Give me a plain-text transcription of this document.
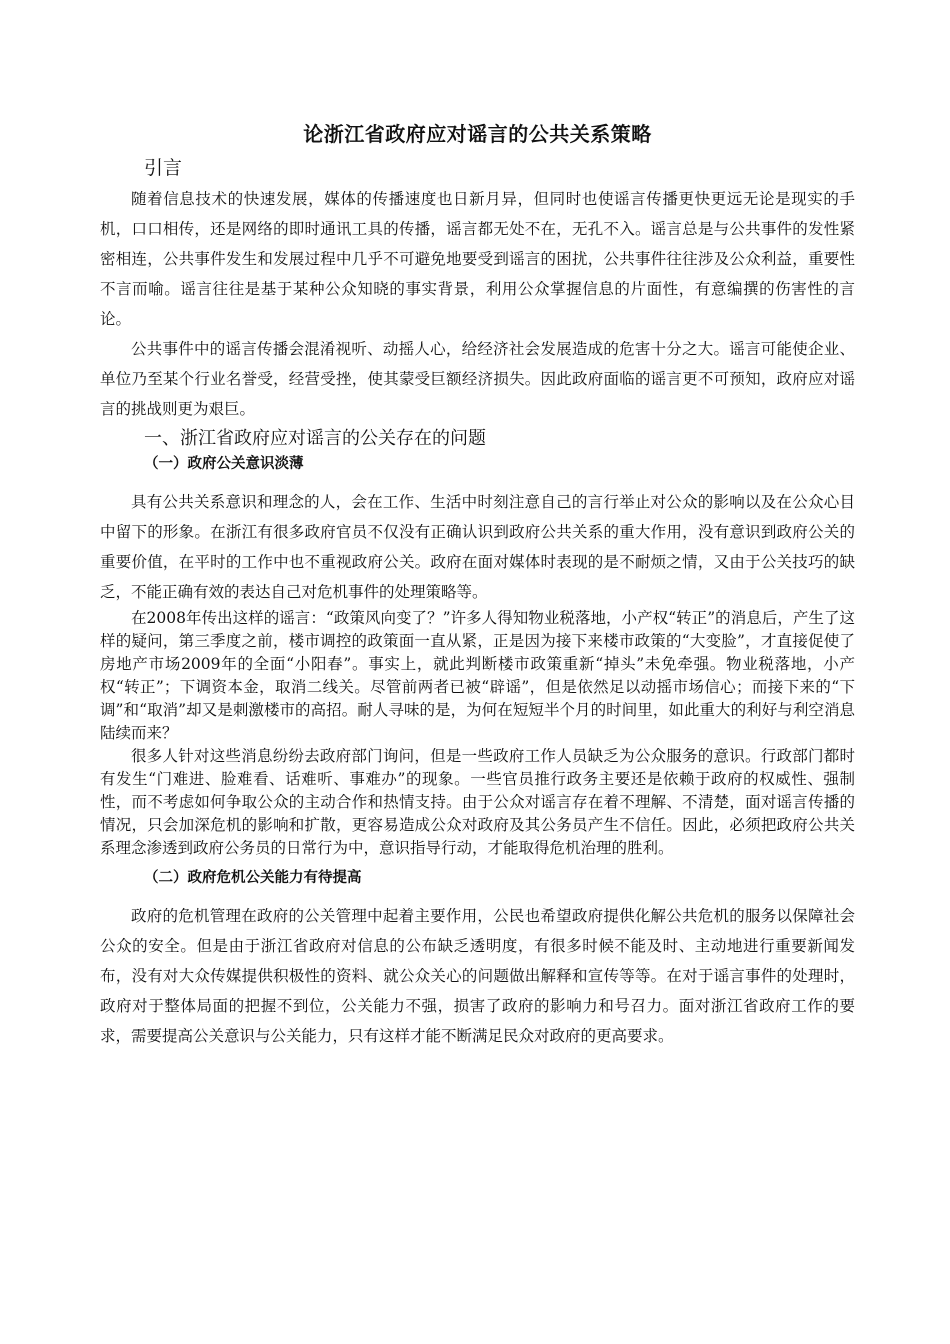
论浙江省政府应对谣言的公共关系策略
引言

随着信息技术的快速发展，媒体的传播速度也日新月异，但同时也使谣言传播更快更远无论是现实的手机，口口相传，还是网络的即时通讯工具的传播，谣言都无处不在，无孔不入。谣言总是与公共事件的发性紧密相连，公共事件发生和发展过程中几乎不可避免地要受到谣言的困扰，公共事件往往涉及公众利益，重要性不言而喻。谣言往往是基于某种公众知晓的事实背景，利用公众掌握信息的片面性，有意编撰的伤害性的言论。

公共事件中的谣言传播会混淆视听、动摇人心，给经济社会发展造成的危害十分之大。谣言可能使企业、单位乃至某个行业名誉受，经营受挫，使其蒙受巨额经济损失。因此政府面临的谣言更不可预知，政府应对谣言的挑战则更为艰巨。

一、浙江省政府应对谣言的公关存在的问题
（一）政府公关意识淡薄

具有公共关系意识和理念的人，会在工作、生活中时刻注意自己的言行举止对公众的影响以及在公众心目中留下的形象。在浙江有很多政府官员不仅没有正确认识到政府公共关系的重大作用，没有意识到政府公关的重要价值，在平时的工作中也不重视政府公关。政府在面对媒体时表现的是不耐烦之情，又由于公关技巧的缺乏，不能正确有效的表达自己对危机事件的处理策略等。

在2008年传出这样的谣言：“政策风向变了？”许多人得知物业税落地，小产权“转正”的消息后，产生了这样的疑问，第三季度之前，楼市调控的政策面一直从紧，正是因为接下来楼市政策的“大变脸”，才直接促使了房地产市场2009年的全面“小阳春”。事实上，就此判断楼市政策重新“掉头”未免牵强。物业税落地，小产权“转正”；下调资本金，取消二线关。尽管前两者已被“辟谣”，但是依然足以动摇市场信心；而接下来的“下调”和“取消”却又是刺激楼市的高招。耐人寻味的是，为何在短短半个月的时间里，如此重大的利好与利空消息陆续而来？

很多人针对这些消息纷纷去政府部门询问，但是一些政府工作人员缺乏为公众服务的意识。行政部门都时有发生“门难进、脸难看、话难听、事难办”的现象。一些官员推行政务主要还是依赖于政府的权威性、强制性，而不考虑如何争取公众的主动合作和热情支持。由于公众对谣言存在着不理解、不清楚，面对谣言传播的情况，只会加深危机的影响和扩散，更容易造成公众对政府及其公务员产生不信任。因此，必须把政府公共关系理念渗透到政府公务员的日常行为中，意识指导行动，才能取得危机治理的胜利。

（二）政府危机公关能力有待提高

政府的危机管理在政府的公关管理中起着主要作用，公民也希望政府提供化解公共危机的服务以保障社会公众的安全。但是由于浙江省政府对信息的公布缺乏透明度，有很多时候不能及时、主动地进行重要新闻发布，没有对大众传媒提供积极性的资料、就公众关心的问题做出解释和宣传等等。在对于谣言事件的处理时，政府对于整体局面的把握不到位，公关能力不强，损害了政府的影响力和号召力。面对浙江省政府工作的要求，需要提高公关意识与公关能力，只有这样才能不断满足民众对政府的更高要求。
